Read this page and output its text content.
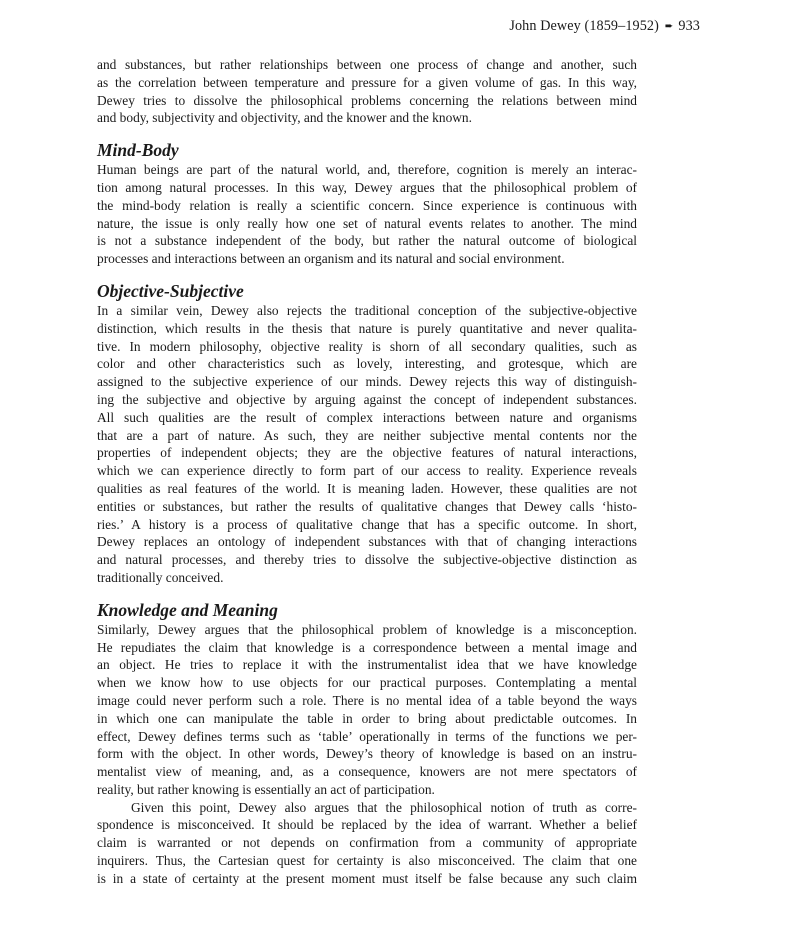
John Dewey (1859–1952) ➨ 933

and substances, but rather relationships between one process of change and another, such
as the correlation between temperature and pressure for a given volume of gas. In this way,
Dewey tries to dissolve the philosophical problems concerning the relations between mind
and body, subjectivity and objectivity, and the knower and the known.

Mind-Body

Human beings are part of the natural world, and, therefore, cognition is merely an interac-
tion among natural processes. In this way, Dewey argues that the philosophical problem of
the mind-body relation is really a scientific concern. Since experience is continuous with
nature, the issue is only really how one set of natural events relates to another. The mind
is not a substance independent of the body, but rather the natural outcome of biological
processes and interactions between an organism and its natural and social environment.

Objective-Subjective

In a similar vein, Dewey also rejects the traditional conception of the subjective-objective
distinction, which results in the thesis that nature is purely quantitative and never qualita-
tive. In modern philosophy, objective reality is shorn of all secondary qualities, such as
color and other characteristics such as lovely, interesting, and grotesque, which are
assigned to the subjective experience of our minds. Dewey rejects this way of distinguish-
ing the subjective and objective by arguing against the concept of independent substances.
All such qualities are the result of complex interactions between nature and organisms
that are a part of nature. As such, they are neither subjective mental contents nor the
properties of independent objects; they are the objective features of natural interactions,
which we can experience directly to form part of our access to reality. Experience reveals
qualities as real features of the world. It is meaning laden. However, these qualities are not
entities or substances, but rather the results of qualitative changes that Dewey calls ‘histo-
ries.’ A history is a process of qualitative change that has a specific outcome. In short,
Dewey replaces an ontology of independent substances with that of changing interactions
and natural processes, and thereby tries to dissolve the subjective-objective distinction as
traditionally conceived.

Knowledge and Meaning

Similarly, Dewey argues that the philosophical problem of knowledge is a misconception.
He repudiates the claim that knowledge is a correspondence between a mental image and
an object. He tries to replace it with the instrumentalist idea that we have knowledge
when we know how to use objects for our practical purposes. Contemplating a mental
image could never perform such a role. There is no mental idea of a table beyond the ways
in which one can manipulate the table in order to bring about predictable outcomes. In
effect, Dewey defines terms such as ‘table’ operationally in terms of the functions we per-
form with the object. In other words, Dewey’s theory of knowledge is based on an instru-
mentalist view of meaning, and, as a consequence, knowers are not mere spectators of
reality, but rather knowing is essentially an act of participation.

Given this point, Dewey also argues that the philosophical notion of truth as corre-
spondence is misconceived. It should be replaced by the idea of warrant. Whether a belief
claim is warranted or not depends on confirmation from a community of appropriate
inquirers. Thus, the Cartesian quest for certainty is also misconceived. The claim that one
is in a state of certainty at the present moment must itself be false because any such claim
